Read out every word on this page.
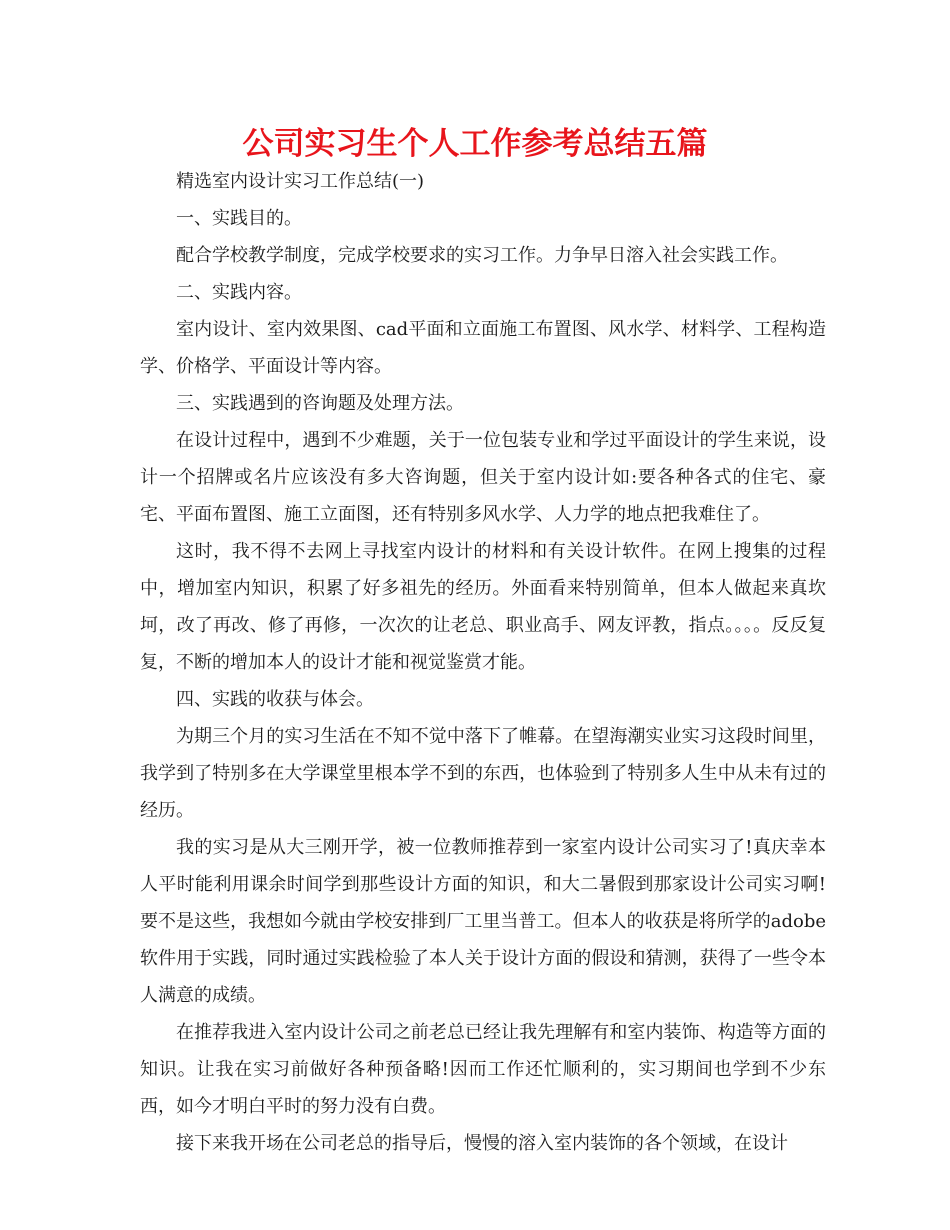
公司实习生个人工作参考总结五篇

精选室内设计实习工作总结(一)

一、实践目的。

配合学校教学制度，完成学校要求的实习工作。力争早日溶入社会实践工作。

二、实践内容。

室内设计、室内效果图、cad平面和立面施工布置图、风水学、材料学、工程构造学、价格学、平面设计等内容。

三、实践遇到的咨询题及处理方法。

在设计过程中，遇到不少难题，关于一位包装专业和学过平面设计的学生来说，设计一个招牌或名片应该没有多大咨询题，但关于室内设计如:要各种各式的住宅、豪宅、平面布置图、施工立面图，还有特别多风水学、人力学的地点把我难住了。

这时，我不得不去网上寻找室内设计的材料和有关设计软件。在网上搜集的过程中，增加室内知识，积累了好多祖先的经历。外面看来特别简单，但本人做起来真坎坷，改了再改、修了再修，一次次的让老总、职业高手、网友评教，指点。。。。反反复复，不断的增加本人的设计才能和视觉鉴赏才能。

四、实践的收获与体会。

为期三个月的实习生活在不知不觉中落下了帷幕。在望海潮实业实习这段时间里，我学到了特别多在大学课堂里根本学不到的东西，也体验到了特别多人生中从未有过的经历。

我的实习是从大三刚开学，被一位教师推荐到一家室内设计公司实习了!真庆幸本人平时能利用课余时间学到那些设计方面的知识，和大二暑假到那家设计公司实习啊!要不是这些，我想如今就由学校安排到厂工里当普工。但本人的收获是将所学的adobe软件用于实践，同时通过实践检验了本人关于设计方面的假设和猜测，获得了一些令本人满意的成绩。

在推荐我进入室内设计公司之前老总已经让我先理解有和室内装饰、构造等方面的知识。让我在实习前做好各种预备略!因而工作还忙顺利的，实习期间也学到不少东西，如今才明白平时的努力没有白费。

接下来我开场在公司老总的指导后，慢慢的溶入室内装饰的各个领域，在设计
